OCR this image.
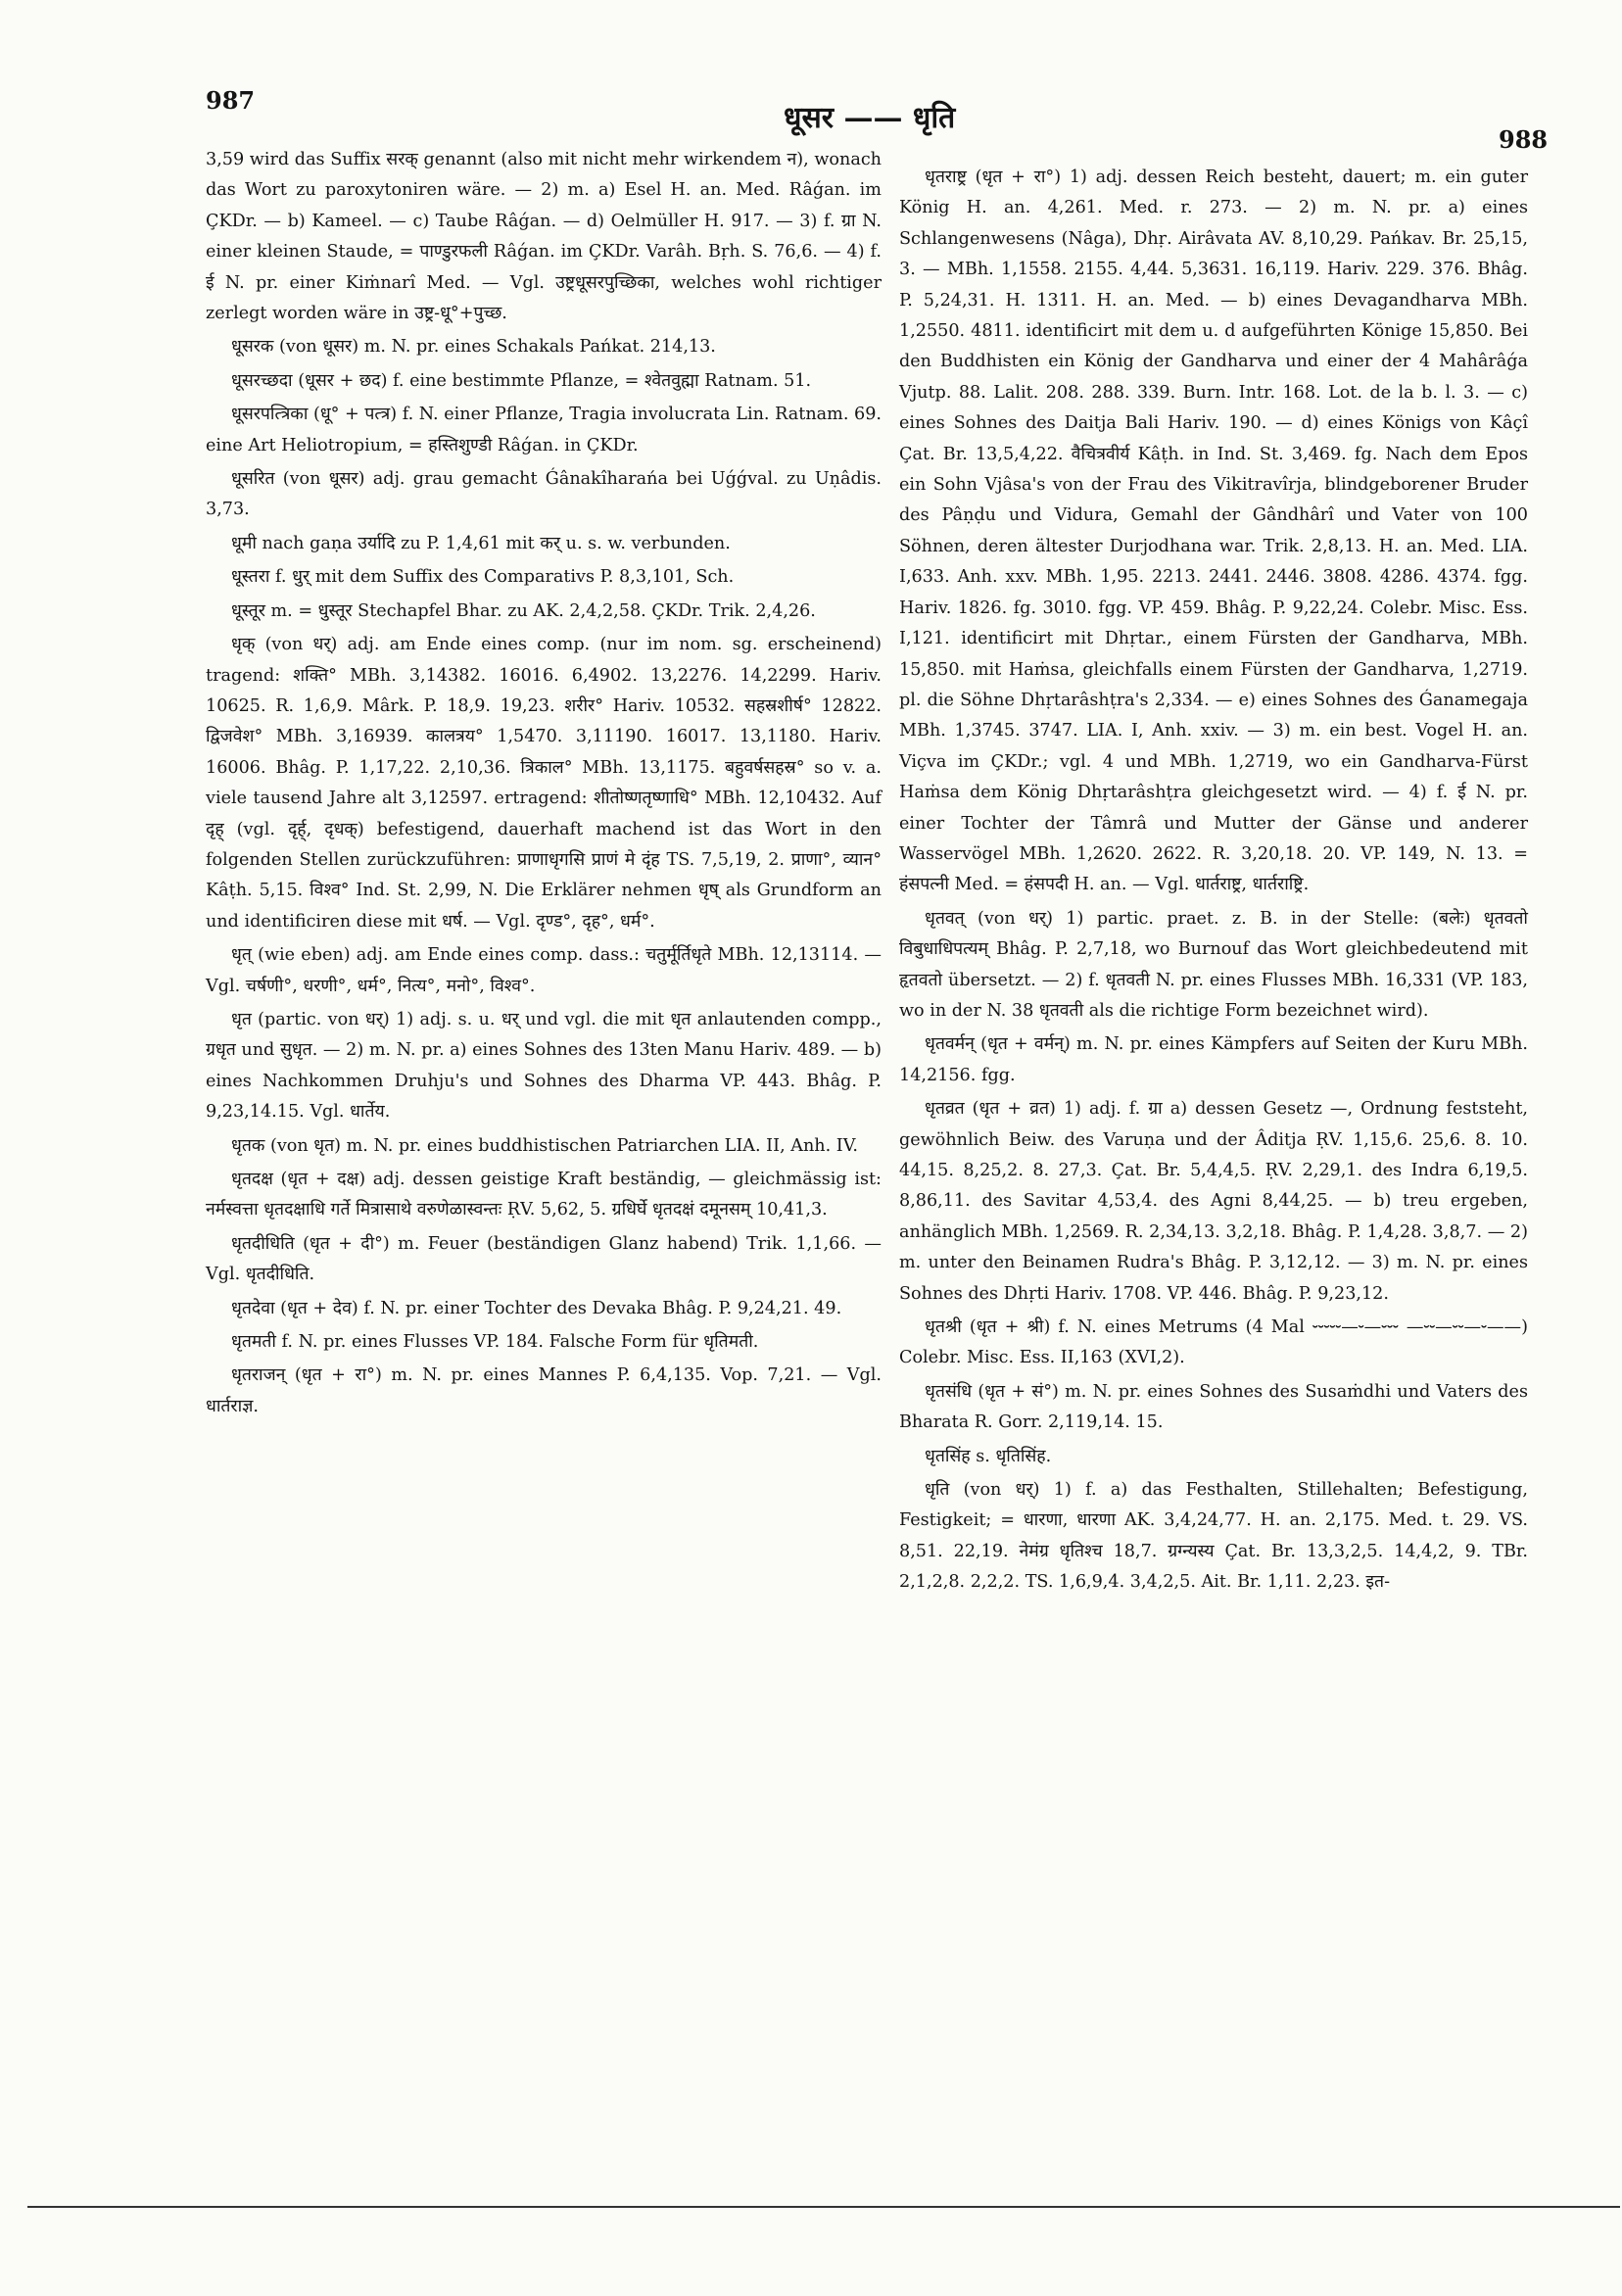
987
धूसर —— धृति
988

3,59 wird das Suffix सरक् genannt (also mit nicht mehr wirkendem न), wonach das Wort zu paroxytoniren wäre. — 2) m. a) Esel H. an. Med. Râǵan. im ÇKDr. — b) Kameel. — c) Taube Râǵan. — d) Oelmüller H. 917. — 3) f. ग्रा N. einer kleinen Staude, = पाण्डुरफली Râǵan. im ÇKDr. Varâh. Bṛh. S. 76,6. — 4) f. ई N. pr. einer Kiṁnarî Med. — Vgl. उष्ट्रधूसरपुच्छिका, welches wohl richtiger zerlegt worden wäre in उष्ट्र-धू°+पुच्छ.

धूसरक (von धूसर) m. N. pr. eines Schakals Pańkat. 214,13.

धूसरच्छदा (धूसर + छद) f. eine bestimmte Pflanze, = श्वेतवुह्मा Ratnam. 51.

धूसरपत्त्रिका (धू° + पत्त्र) f. N. einer Pflanze, Tragia involucrata Lin. Ratnam. 69. eine Art Heliotropium, = हस्तिशुण्डी Râǵan. in ÇKDr.

धूसरित (von धूसर) adj. grau gemacht Ǵânakîharańa bei Uǵǵval. zu Uṇâdis. 3,73.

धूमी nach gaṇa उर्यादि zu P. 1,4,61 mit कर् u. s. w. verbunden.

धूस्तरा f. धुर् mit dem Suffix des Comparativs P. 8,3,101, Sch.

धूस्तूर m. = धुस्तूर Stechapfel Bhar. zu AK. 2,4,2,58. ÇKDr. Trik. 2,4,26.

धृक् (von धर्) adj. am Ende eines comp. (nur im nom. sg. erscheinend) tragend: शक्ति° MBh. 3,14382. 16016. 6,4902. 13,2276. 14,2299. Hariv. 10625. R. 1,6,9. Mârk. P. 18,9. 19,23. शरीर° Hariv. 10532. सहस्रशीर्ष° 12822. द्विजवेश° MBh. 3,16939. कालत्रय° 1,5470. 3,11190. 16017. 13,1180. Hariv. 16006. Bhâg. P. 1,17,22. 2,10,36. त्रिकाल° MBh. 13,1175. बहुवर्षसहस्र° so v. a. viele tausend Jahre alt 3,12597. ertragend: शीतोष्णतृष्णाधि° MBh. 12,10432. Auf दृह् (vgl. दृर्ह्, दृधक्) befestigend, dauerhaft machend ist das Wort in den folgenden Stellen zurückzuführen: प्राणाधृगसि प्राणं मे दृंह TS. 7,5,19, 2. प्राणा°, व्यान° Kâṭh. 5,15. विश्व° Ind. St. 2,99, N. Die Erklärer nehmen धृष् als Grundform an und identificiren diese mit धर्ष. — Vgl. दृण्ड°, दृह°, धर्म°.

धृत् (wie eben) adj. am Ende eines comp. dass.: चतुर्मूर्तिधृते MBh. 12,13114. — Vgl. चर्षणी°, धरणी°, धर्म°, नित्य°, मनो°, विश्व°.

धृत (partic. von धर्) 1) adj. s. u. धर् und vgl. die mit धृत anlautenden compp., ग्रधृत und सुधृत. — 2) m. N. pr. a) eines Sohnes des 13ten Manu Hariv. 489. — b) eines Nachkommen Druhju's und Sohnes des Dharma VP. 443. Bhâg. P. 9,23,14.15. Vgl. धार्तेय.

धृतक (von धृत) m. N. pr. eines buddhistischen Patriarchen LIA. II, Anh. IV.

धृतदक्ष (धृत + दक्ष) adj. dessen geistige Kraft beständig, — gleichmässig ist: नर्मस्वत्ता धृतदक्षाधि गर्ते मित्रासाथे वरुणेळास्वन्तः ṚV. 5,62, 5. ग्रधिर्घे धृतदक्षं दमूनसम् 10,41,3.

धृतदीधिति (धृत + दी°) m. Feuer (beständigen Glanz habend) Trik. 1,1,66. — Vgl. धृतदीधिति.

धृतदेवा (धृत + देव) f. N. pr. einer Tochter des Devaka Bhâg. P. 9,24,21. 49.

धृतमती f. N. pr. eines Flusses VP. 184. Falsche Form für धृतिमती.

धृतराजन् (धृत + रा°) m. N. pr. eines Mannes P. 6,4,135. Vop. 7,21. — Vgl. धार्तराज्ञ.

धृतराष्ट्र (धृत + रा°) 1) adj. dessen Reich besteht, dauert; m. ein guter König H. an. 4,261. Med. r. 273. — 2) m. N. pr. a) eines Schlangenwesens (Nâga), Dhṛ. Airâvata AV. 8,10,29. Pańkav. Br. 25,15, 3. — MBh. 1,1558. 2155. 4,44. 5,3631. 16,119. Hariv. 229. 376. Bhâg. P. 5,24,31. H. 1311. H. an. Med. — b) eines Devagandharva MBh. 1,2550. 4811. identificirt mit dem u. d aufgeführten Könige 15,850. Bei den Buddhisten ein König der Gandharva und einer der 4 Mahârâǵa Vjutp. 88. Lalit. 208. 288. 339. Burn. Intr. 168. Lot. de la b. l. 3. — c) eines Sohnes des Daitja Bali Hariv. 190. — d) eines Königs von Kâçî Çat. Br. 13,5,4,22. वैचित्रवीर्य Kâṭh. in Ind. St. 3,469. fg. Nach dem Epos ein Sohn Vjâsa's von der Frau des Vikitravîrja, blindgeborener Bruder des Pâṇḍu und Vidura, Gemahl der Gândhârî und Vater von 100 Söhnen, deren ältester Durjodhana war. Trik. 2,8,13. H. an. Med. LIA. I,633. Anh. xxv. MBh. 1,95. 2213. 2441. 2446. 3808. 4286. 4374. fgg. Hariv. 1826. fg. 3010. fgg. VP. 459. Bhâg. P. 9,22,24. Colebr. Misc. Ess. I,121. identificirt mit Dhṛtar., einem Fürsten der Gandharva, MBh. 15,850. mit Haṁsa, gleichfalls einem Fürsten der Gandharva, 1,2719. pl. die Söhne Dhṛtarâshṭra's 2,334. — e) eines Sohnes des Ǵanamegaja MBh. 1,3745. 3747. LIA. I, Anh. xxiv. — 3) m. ein best. Vogel H. an. Viçva im ÇKDr.; vgl. 4 und MBh. 1,2719, wo ein Gandharva-Fürst Haṁsa dem König Dhṛtarâshṭra gleichgesetzt wird. — 4) f. ई N. pr. einer Tochter der Tâmrâ und Mutter der Gänse und anderer Wasservögel MBh. 1,2620. 2622. R. 3,20,18. 20. VP. 149, N. 13. = हंसपत्नी Med. = हंसपदी H. an. — Vgl. धार्तराष्ट्र, धार्तराष्ट्रि.

धृतवत् (von धर्) 1) partic. praet. z. B. in der Stelle: (बलेः) धृतवतो विबुधाधिपत्यम् Bhâg. P. 2,7,18, wo Burnouf das Wort gleichbedeutend mit हृतवतो übersetzt. — 2) f. धृतवती N. pr. eines Flusses MBh. 16,331 (VP. 183, wo in der N. 38 धृतवती als die richtige Form bezeichnet wird).

धृतवर्मन् (धृत + वर्मन्) m. N. pr. eines Kämpfers auf Seiten der Kuru MBh. 14,2156. fgg.

धृतव्रत (धृत + व्रत) 1) adj. f. ग्रा a) dessen Gesetz —, Ordnung feststeht, gewöhnlich Beiw. des Varuṇa und der Âditja ṚV. 1,15,6. 25,6. 8. 10. 44,15. 8,25,2. 8. 27,3. Çat. Br. 5,4,4,5. ṚV. 2,29,1. des Indra 6,19,5. 8,86,11. des Savitar 4,53,4. des Agni 8,44,25. — b) treu ergeben, anhänglich MBh. 1,2569. R. 2,34,13. 3,2,18. Bhâg. P. 1,4,28. 3,8,7. — 2) m. unter den Beinamen Rudra's Bhâg. P. 3,12,12. — 3) m. N. pr. eines Sohnes des Dhṛti Hariv. 1708. VP. 446. Bhâg. P. 9,23,12.

धृतश्री (धृत + श्री) f. N. eines Metrums (4 Mal ⏑⏑⏑⏑⏑—⏑—⏑⏑⏑ —⏑⏑—⏑⏑—⏑——) Colebr. Misc. Ess. II,163 (XVI,2).

धृतसंधि (धृत + सं°) m. N. pr. eines Sohnes des Susaṁdhi und Vaters des Bharata R. Gorr. 2,119,14. 15.

धृतसिंह s. धृतिसिंह.

धृति (von धर्) 1) f. a) das Festhalten, Stillehalten; Befestigung, Festigkeit; = धारणा, धारणा AK. 3,4,24,77. H. an. 2,175. Med. t. 29. VS. 8,51. 22,19. नेमंग्र धृतिश्च 18,7. ग्रग्न्यस्य Çat. Br. 13,3,2,5. 14,4,2, 9. TBr. 2,1,2,8. 2,2,2. TS. 1,6,9,4. 3,4,2,5. Ait. Br. 1,11. 2,23. इत-
